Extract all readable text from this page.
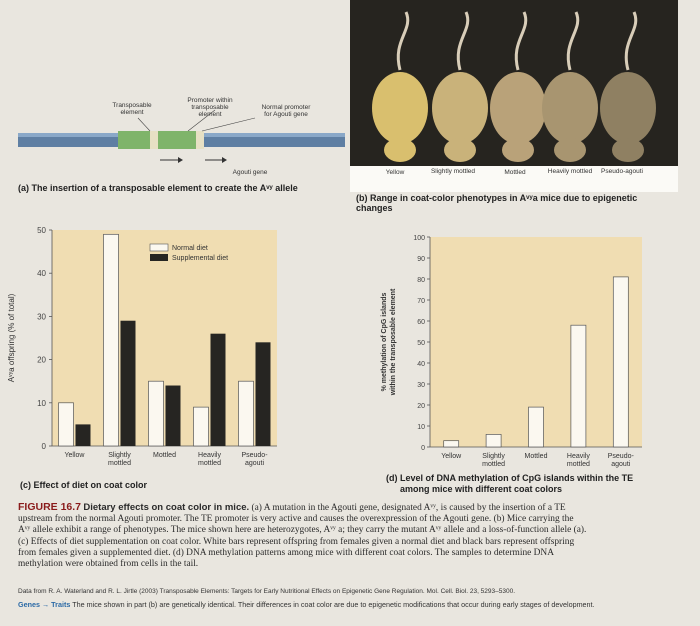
Promoter within
transposable
element
Transposable
element
Normal promoter
for Agouti gene
Agouti gene
(a) The insertion of a transposable element to create the Aᵛʸ allele
Yellow	Slightly mottled	Mottled	Heavily mottled	Pseudo-agouti
(b) Range in coat-color phenotypes in Aᵛʸa mice due to epigenetic changes
0
10
20
30
40
50
Aᵛʸa offspring (% of total)
Yellow	Slightly
mottled
Mottled	Heavily
mottled
Pseudo-
agouti
Normal diet
Supplemental diet
(c) Effect of diet on coat color
0
10
20
30
40
50
60
70
80
90
100
% methylation of CpG islands within the transposable element
Yellow	Slightly
mottled
Mottled	Heavily
mottled
Pseudo-
agouti
(d) Level of DNA methylation of CpG islands within the TE
among mice with different coat colors
FIGURE 16.7 Dietary effects on coat color in mice. (a) A mutation in the Agouti gene, designated Aᵛʸ, is caused by the insertion of a TE
upstream from the normal Agouti promoter. The TE promoter is very active and causes the overexpression of the Agouti gene. (b) Mice carrying the
Aᵛʸ allele exhibit a range of phenotypes. The mice shown here are heterozygotes, Aᵛʸ a; they carry the mutant Aᵛʸ allele and a loss-of-function allele (a).
(c) Effects of diet supplementation on coat color. White bars represent offspring from females given a normal diet and black bars represent offspring
from females given a supplemented diet. (d) DNA methylation patterns among mice with different coat colors. The samples to determine DNA
methylation were obtained from cells in the tail.
Data from R. A. Waterland and R. L. Jirtle (2003) Transposable Elements: Targets for Early Nutritional Effects on Epigenetic Gene Regulation. Mol. Cell. Biol. 23, 5293–5300.
Genes → Traits The mice shown in part (b) are genetically identical. Their differences in coat color are due to epigenetic modifications that occur during early stages of development.
